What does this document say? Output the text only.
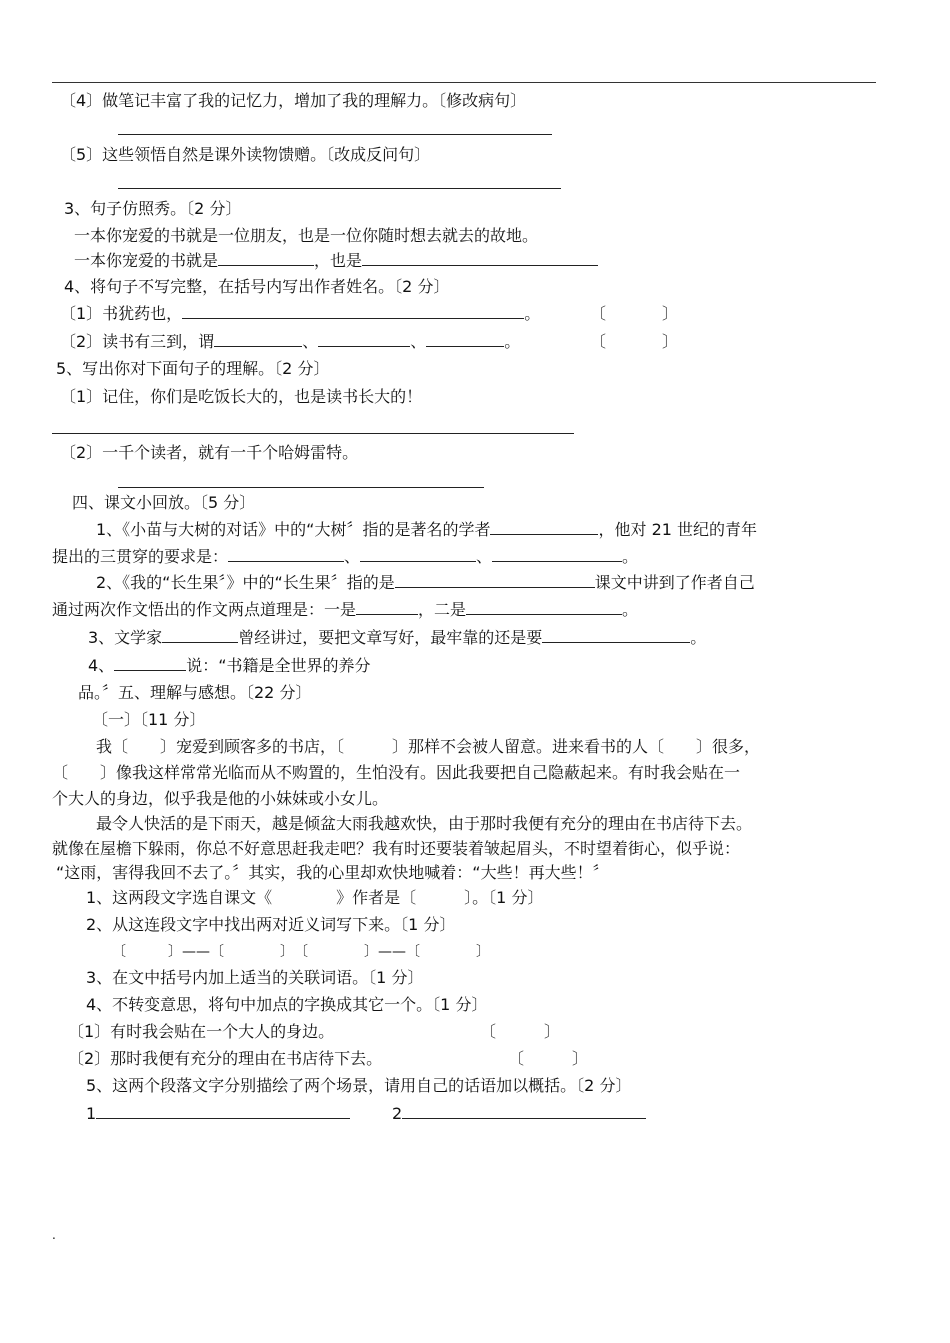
〔4〕做笔记丰富了我的记忆力，增加了我的理解力。〔修改病句〕
〔5〕这些领悟自然是课外读物馈赠。〔改成反问句〕
3、句子仿照秀。〔2 分〕
一本你宠爱的书就是一位朋友，也是一位你随时想去就去的故地。
一本你宠爱的书就是	，也是
4、将句子不写完整，在括号内写出作者姓名。〔2 分〕
〔1〕书犹药也，	。	〔	〕
〔2〕读书有三到，谓	、	、	。	〔	〕
5、写出你对下面句子的理解。〔2 分〕
〔1〕记住，你们是吃饭长大的，也是读书长大的！
〔2〕一千个读者，就有一千个哈姆雷特。
四、课文小回放。〔5 分〕
1、《小苗与大树的对话》中的“大树〞指的是著名的学者	，他对 21 世纪的青年
提出的三贯穿的要求是：	、	、	。
2、《我的“长生果〞》中的“长生果〞指的是	课文中讲到了作者自己
通过两次作文悟出的作文两点道理是：一是	，二是	。
3、文学家	曾经讲过，要把文章写好，最牢靠的还是要	。
4、	说：“书籍是全世界的养分
品。〞五、理解与感想。〔22 分〕
〔一〕〔11 分〕
我〔　　〕宠爱到顾客多的书店，〔　　　〕那样不会被人留意。进来看书的人〔　　〕很多，
〔　　〕像我这样常常光临而从不购置的，生怕没有。因此我要把自己隐蔽起来。有时我会贴在一
个大人的身边，似乎我是他的小妹妹或小女儿。
最令人快活的是下雨天，越是倾盆大雨我越欢快，由于那时我便有充分的理由在书店待下去。
就像在屋檐下躲雨，你总不好意思赶我走吧？我有时还要装着皱起眉头，不时望着街心，似乎说：
“这雨，害得我回不去了。〞其实，我的心里却欢快地喊着：“大些！再大些！〞
1、这两段文字选自课文《　　　　》作者是〔　　　〕。〔1 分〕
2、从这连段文字中找出两对近义词写下来。〔1 分〕
〔　　　〕——〔　　　　〕　〔　　　　〕——〔　　　　〕
3、在文中括号内加上适当的关联词语。〔1 分〕
4、不转变意思，将句中加点的字换成其它一个。〔1 分〕
〔1〕有时我会贴在一个大人的身边。	〔　　　〕
〔2〕那时我便有充分的理由在书店待下去。	〔　　　〕
5、这两个段落文字分别描绘了两个场景，请用自己的话语加以概括。〔2 分〕
1	2
.
